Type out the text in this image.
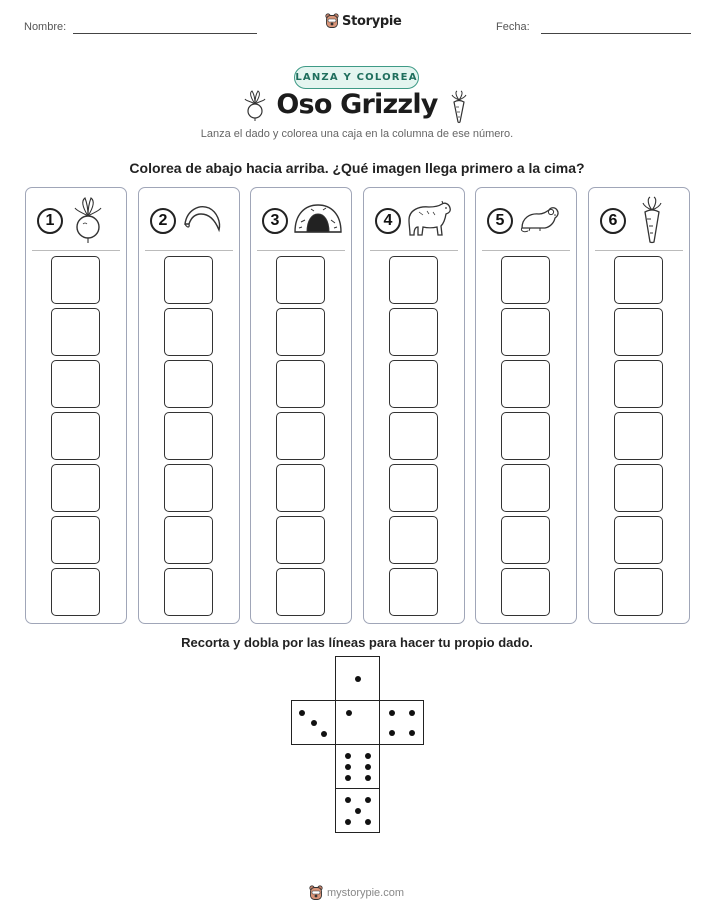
Nombre:	Storypie	Fecha:
LANZA Y COLOREA
Oso Grizzly
Lanza el dado y colorea una caja en la columna de ese número.
Colorea de abajo hacia arriba. ¿Qué imagen llega primero a la cima?
1	2	3	4	5	6
Recorta y dobla por las líneas para hacer tu propio dado.
mystorypie.com
